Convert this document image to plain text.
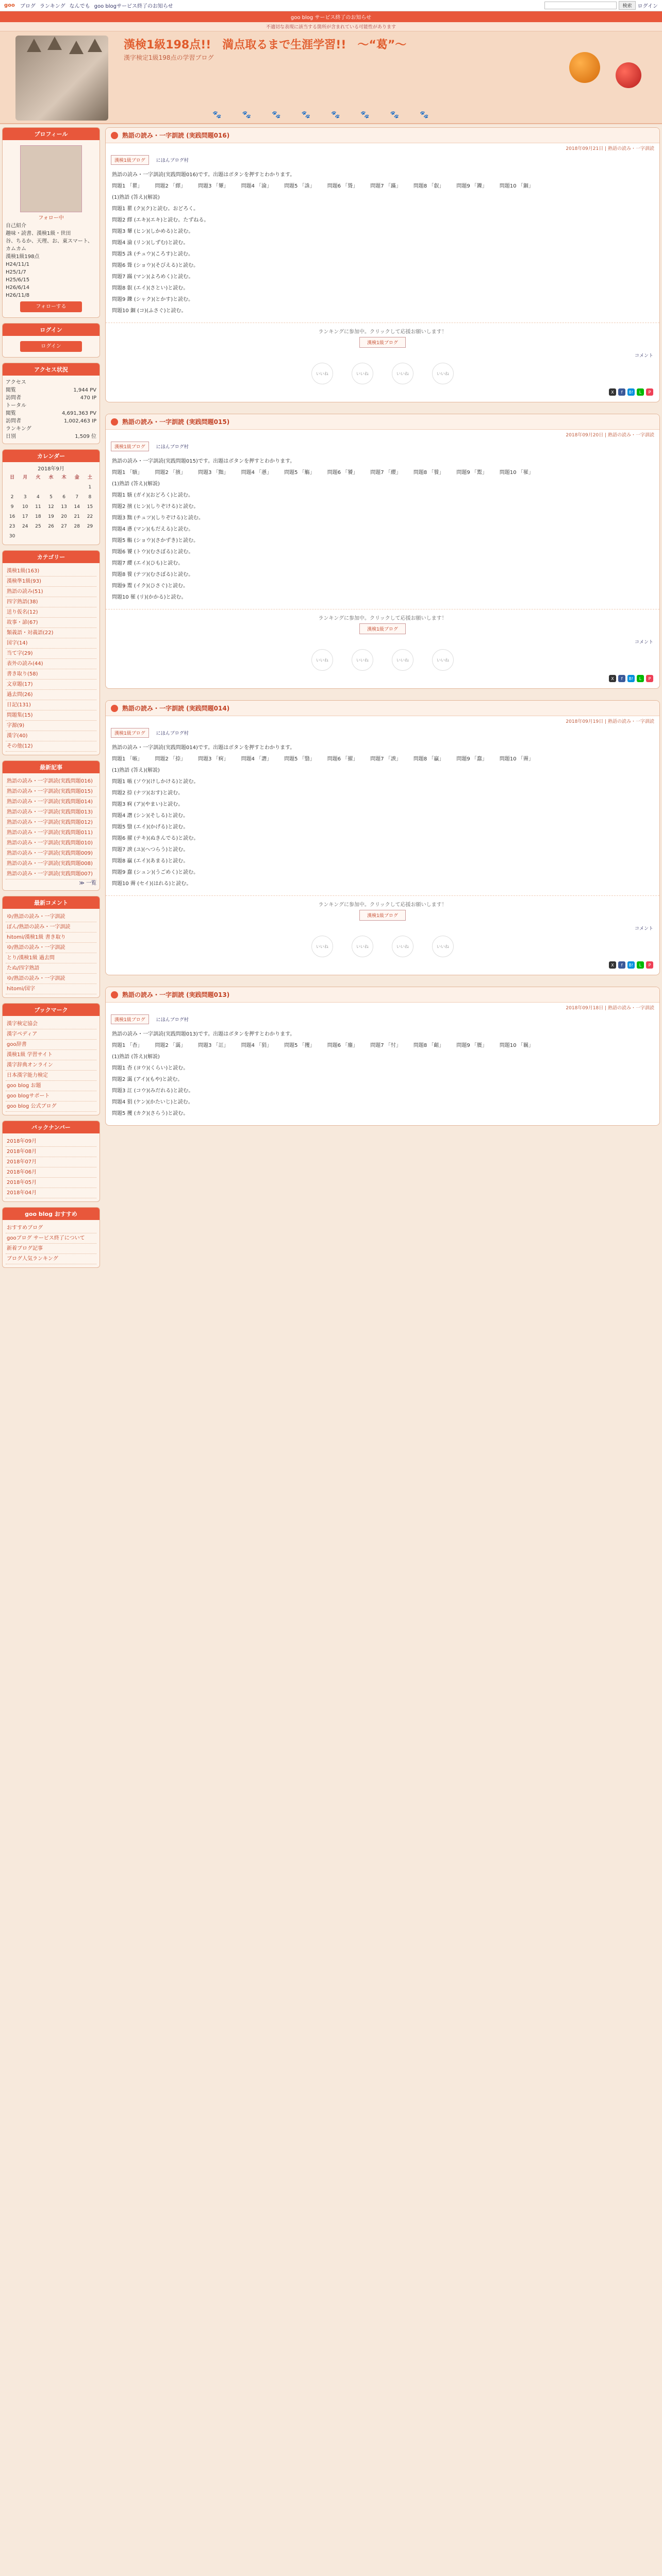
goo ブログ ランキング なんでも goo blogサービス終了のお知らせ	検索	ログイン
goo blog サービス終了のお知らせ
不適切な表現に該当する箇所が含まれている可能性があります
漢検1級198点!!　満点取るまで生涯学習!!　～“葛”～
漢字検定1級198点の学習ブログ
🐾🐾🐾🐾🐾🐾🐾🐾
プロフィール
フォロー中
自己紹介
趣味・読書、漢検1級・世田
谷、ちるか、天理、お、東スマート、カムカム
漢検1級198点
H24/11/1
H25/1/7
H25/6/15
H26/6/14
H26/11/8
フォローする
ログイン
ログイン
アクセス状況
アクセス
閲覧	1,944 PV
訪問者	470 IP
トータル
閲覧	4,691,363 PV
訪問者	1,002,463 IP
ランキング
日別	1,509 位
カレンダー
2018年9月
日	月	火	水	木	金	土
						1
2	3	4	5	6	7	8
9	10	11	12	13	14	15
16	17	18	19	20	21	22
23	24	25	26	27	28	29
30						
カテゴリー
漢検1級(163)
漢検準1級(93)
熟語の読み(51)
四字熟語(38)
送り仮名(12)
故事・諺(67)
類義語・対義語(22)
国字(14)
当て字(29)
表外の読み(44)
書き取り(58)
文章題(17)
過去問(26)
日記(131)
問題集(15)
字源(9)
漢字(40)
その他(12)
最新記事
熟語の読み・一字訓読(実践問題016)
熟語の読み・一字訓読(実践問題015)
熟語の読み・一字訓読(実践問題014)
熟語の読み・一字訓読(実践問題013)
熟語の読み・一字訓読(実践問題012)
熟語の読み・一字訓読(実践問題011)
熟語の読み・一字訓読(実践問題010)
熟語の読み・一字訓読(実践問題009)
熟語の読み・一字訓読(実践問題008)
熟語の読み・一字訓読(実践問題007)
≫ 一覧
最新コメント
ゆ/熟語の読み・一字訓読
ぽん/熟語の読み・一字訓読
hitomi/漢検1級 書き取り
ゆ/熟語の読み・一字訓読
とり/漢検1級 過去問
たぬ/四字熟語
ゆ/熟語の読み・一字訓読
hitomi/国字
ブックマーク
漢字検定協会
漢字ペディア
goo辞書
漢検1級 学習サイト
漢字辞典オンライン
日本漢字能力検定
goo blog お題
goo blogサポート
goo blog 公式ブログ
バックナンバー
2018年09月
2018年08月
2018年07月
2018年06月
2018年05月
2018年04月
goo blog おすすめ
おすすめブログ
gooブログ サービス終了について
新着ブログ記事
ブログ人気ランキング
熟語の読み・一字訓読 (実践問題016)
2018年09月21日 | 熟語の読み・一字訓読
漢検1級ブログ	にほんブログ村

熟語の読み・一字訓読(実践問題016)です。出題はボタンを押すとわかります。

問題1 「瞿」 問題2 「繹」 問題3 「顰」 問題4 「淪」 問題5 「誅」 問題6 「聳」 問題7 「蹣」 問題8 「叡」 問題9 「鑠」 問題10 「錮」

(1)熟語 (答え)(解説)

問題1 瞿 (ク)(ク)と読む。おどろく。

問題2 繹 (エキ)(エキ)と読む。たずねる。

問題3 顰 (ヒン)(しかめる)と読む。

問題4 淪 (リン)(しずむ)と読む。

問題5 誅 (チュウ)(ころす)と読む。

問題6 聳 (ショウ)(そびえる)と読む。

問題7 蹣 (マン)(よろめく)と読む。

問題8 叡 (エイ)(さとい)と読む。

問題9 鑠 (シャク)(とかす)と読む。

問題10 錮 (コ)(ふさぐ)と読む。

ランキングに参加中。クリックして応援お願いします！
漢検1級ブログ
コメント
いいね	いいね	いいね	いいね
X	f	B!	L	P
熟語の読み・一字訓読 (実践問題015)
2018年09月20日 | 熟語の読み・一字訓読
漢検1級ブログ	にほんブログ村

熟語の読み・一字訓読(実践問題015)です。出題はボタンを押すとわかります。

問題1 「駭」 問題2 「擯」 問題3 「黜」 問題4 「懣」 問題5 「觴」 問題6 「饕」 問題7 「纓」 問題8 「餮」 問題9 「鬻」 問題10 「罹」

(1)熟語 (答え)(解説)

問題1 駭 (ガイ)(おどろく)と読む。

問題2 擯 (ヒン)(しりぞける)と読む。

問題3 黜 (チュツ)(しりぞける)と読む。

問題4 懣 (マン)(もだえる)と読む。

問題5 觴 (ショウ)(さかずき)と読む。

問題6 饕 (トウ)(むさぼる)と読む。

問題7 纓 (エイ)(ひも)と読む。

問題8 餮 (テツ)(むさぼる)と読む。

問題9 鬻 (イク)(ひさぐ)と読む。

問題10 罹 (リ)(かかる)と読む。

ランキングに参加中。クリックして応援お願いします！
漢検1級ブログ
コメント
いいね	いいね	いいね	いいね
X	f	B!	L	P
熟語の読み・一字訓読 (実践問題014)
2018年09月19日 | 熟語の読み・一字訓読
漢検1級ブログ	にほんブログ村

熟語の読み・一字訓読(実践問題014)です。出題はボタンを押すとわかります。

問題1 「嗾」 問題2 「捺」 問題3 「痾」 問題4 「譖」 問題5 「翳」 問題6 「擢」 問題7 「諛」 問題8 「贏」 問題9 「蠢」 問題10 「霽」

(1)熟語 (答え)(解説)

問題1 嗾 (ソウ)(けしかける)と読む。

問題2 捺 (ナツ)(おす)と読む。

問題3 痾 (ア)(やまい)と読む。

問題4 譖 (シン)(そしる)と読む。

問題5 翳 (エイ)(かげる)と読む。

問題6 擢 (テキ)(ぬきんでる)と読む。

問題7 諛 (ユ)(へつらう)と読む。

問題8 贏 (エイ)(あまる)と読む。

問題9 蠢 (シュン)(うごめく)と読む。

問題10 霽 (セイ)(はれる)と読む。

ランキングに参加中。クリックして応援お願いします！
漢検1級ブログ
コメント
いいね	いいね	いいね	いいね
X	f	B!	L	P
熟語の読み・一字訓読 (実践問題013)
2018年09月18日 | 熟語の読み・一字訓読
漢検1級ブログ	にほんブログ村

熟語の読み・一字訓読(実践問題013)です。出題はボタンを押すとわかります。

問題1 「杳」 問題2 「靄」 問題3 「訌」 問題4 「狷」 問題5 「攫」 問題6 「鏖」 問題7 「忖」 問題8 「齟」 問題9 「贋」 問題10 「羈」

(1)熟語 (答え)(解説)

問題1 杳 (ヨウ)(くらい)と読む。

問題2 靄 (アイ)(もや)と読む。

問題3 訌 (コウ)(みだれる)と読む。

問題4 狷 (ケン)(かたいじ)と読む。

問題5 攫 (カク)(さらう)と読む。
